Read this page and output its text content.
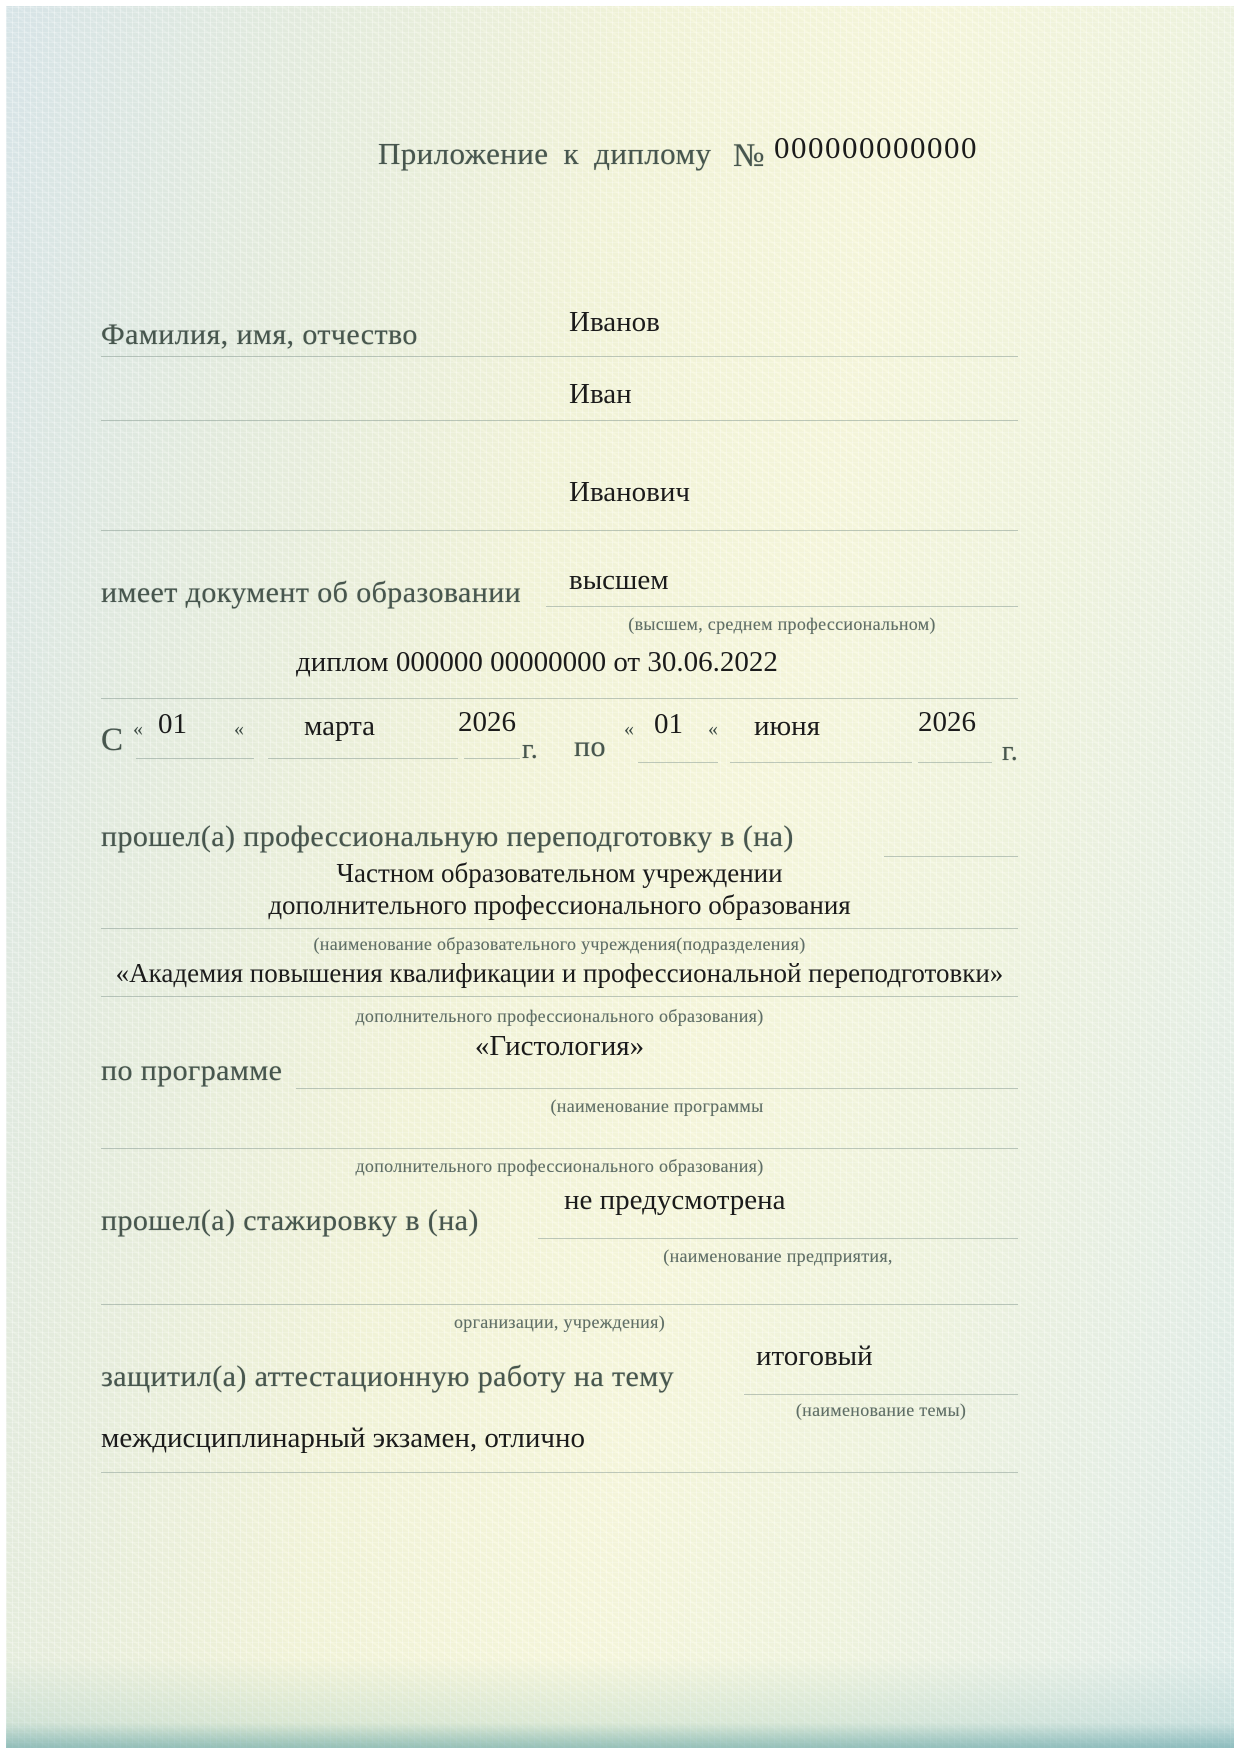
Приложение к диплому № 000000000000
Фамилия, имя, отчество	Иванов
Иван
Иванович
имеет документ об образовании высшем
(высшем, среднем профессиональном)
диплом 000000 00000000 от 30.06.2022
С « 01 « марта	2026
г. по
« 01 « июня	2026
г.
прошел(а) профессиональную переподготовку в (на)
Частном образовательном учреждении
дополнительного профессионального образования
(наименование образовательного учреждения(подразделения)
«Академия повышения квалификации и профессиональной переподготовки»
дополнительного профессионального образования)
«Гистология»
по программе
(наименование программы
дополнительного профессионального образования)
не предусмотрена
прошел(а) стажировку в (на)
(наименование предприятия,
организации, учреждения)
итоговый
защитил(а) аттестационную работу на тему
(наименование темы)
междисциплинарный экзамен, отлично
